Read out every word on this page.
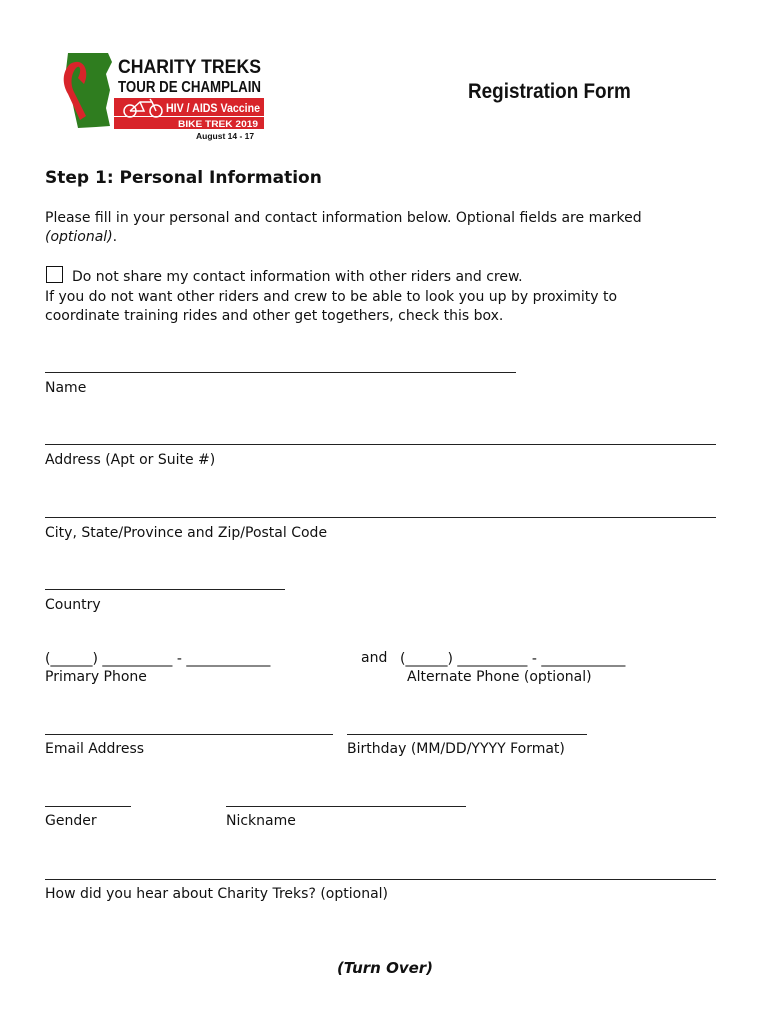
CHARITY TREKS
TOUR DE CHAMPLAIN
HIV / AIDS Vaccine
BIKE TREK 2019
August 14 - 17
Registration Form
Step 1: Personal Information
Please fill in your personal and contact information below. Optional fields are marked
(optional).
Do not share my contact information with other riders and crew.
If you do not want other riders and crew to be able to look you up by proximity to
coordinate training rides and other get togethers, check this box.
Name
Address (Apt or Suite #)
City, State/Province and Zip/Postal Code
Country
(______) __________ - ____________	and (______) __________ - ____________
Primary Phone	Alternate Phone (optional)
Email Address	Birthday (MM/DD/YYYY Format)
Gender	Nickname
How did you hear about Charity Treks? (optional)
(Turn Over)
